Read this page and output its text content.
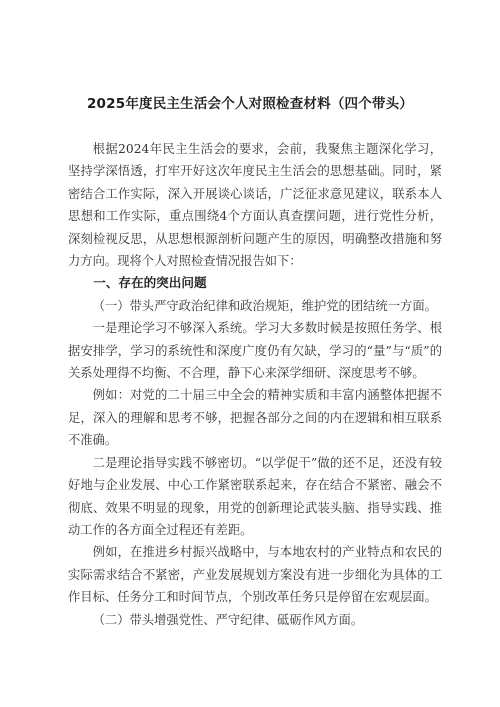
2025年度民主生活会个人对照检查材料（四个带头）

根据2024年民主生活会的要求，会前，我聚焦主题深化学习，坚持学深悟透，打牢开好这次年度民主生活会的思想基础。同时，紧密结合工作实际，深入开展谈心谈话，广泛征求意见建议，联系本人思想和工作实际，重点围绕4个方面认真查摆问题，进行党性分析，深刻检视反思，从思想根源剖析问题产生的原因，明确整改措施和努力方向。现将个人对照检查情况报告如下：

一、存在的突出问题

（一）带头严守政治纪律和政治规矩，维护党的团结统一方面。

一是理论学习不够深入系统。学习大多数时候是按照任务学、根据安排学，学习的系统性和深度广度仍有欠缺，学习的“量”与“质”的关系处理得不均衡、不合理，静下心来深学细研、深度思考不够。

例如：对党的二十届三中全会的精神实质和丰富内涵整体把握不足，深入的理解和思考不够，把握各部分之间的内在逻辑和相互联系不准确。

二是理论指导实践不够密切。“以学促干”做的还不足，还没有较好地与企业发展、中心工作紧密联系起来，存在结合不紧密、融会不彻底、效果不明显的现象，用党的创新理论武装头脑、指导实践、推动工作的各方面全过程还有差距。

例如，在推进乡村振兴战略中，与本地农村的产业特点和农民的实际需求结合不紧密，产业发展规划方案没有进一步细化为具体的工作目标、任务分工和时间节点，个别改革任务只是停留在宏观层面。

（二）带头增强党性、严守纪律、砥砺作风方面。
